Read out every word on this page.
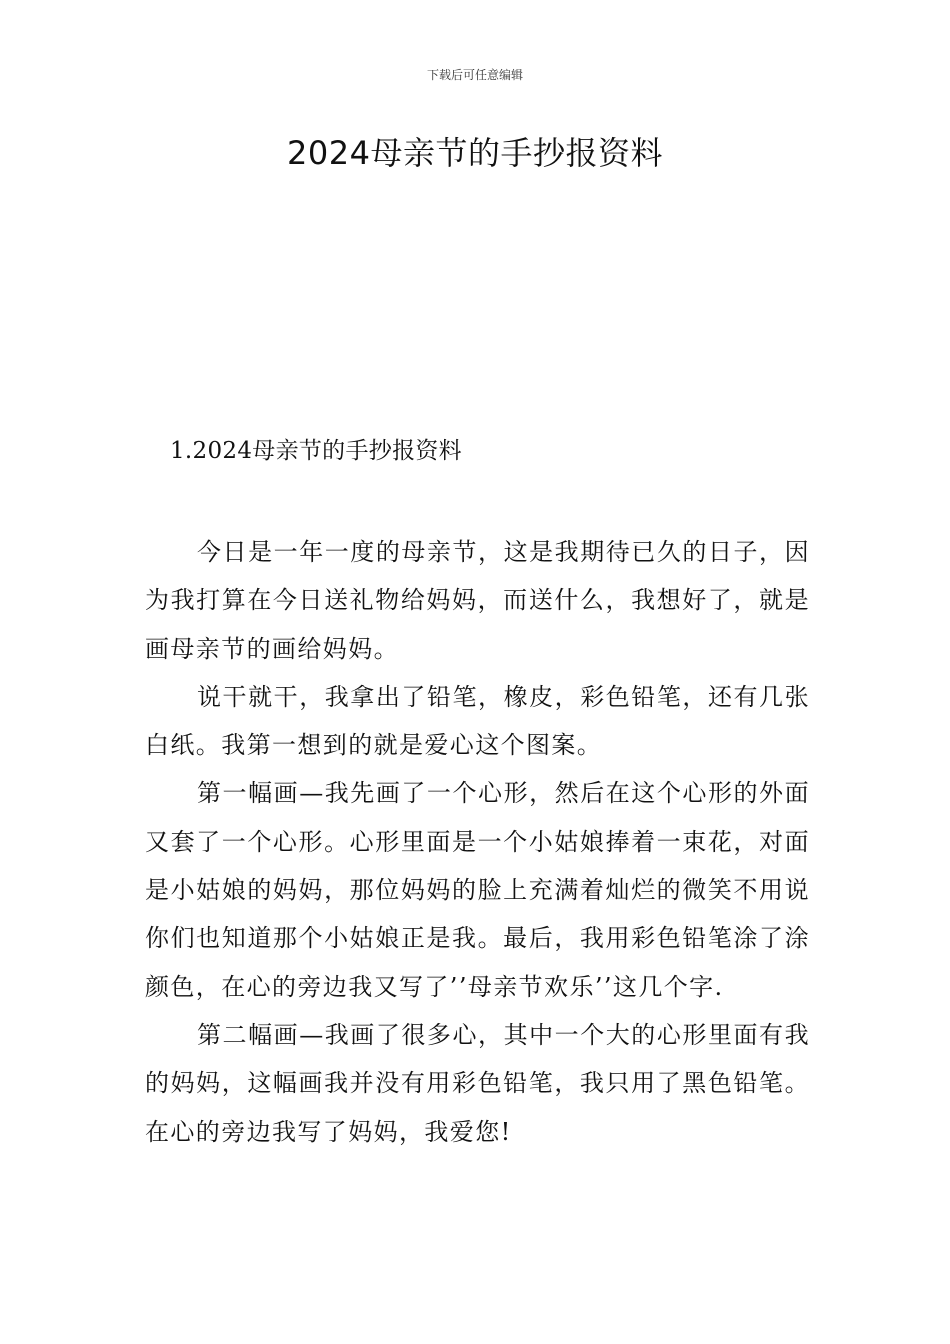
下载后可任意编辑
2024母亲节的手抄报资料
1.2024母亲节的手抄报资料

今日是一年一度的母亲节，这是我期待已久的日子，因为我打算在今日送礼物给妈妈，而送什么，我想好了，就是画母亲节的画给妈妈。

说干就干，我拿出了铅笔，橡皮，彩色铅笔，还有几张白纸。我第一想到的就是爱心这个图案。

第一幅画—我先画了一个心形，然后在这个心形的外面又套了一个心形。心形里面是一个小姑娘捧着一束花，对面是小姑娘的妈妈，那位妈妈的脸上充满着灿烂的微笑不用说你们也知道那个小姑娘正是我。最后，我用彩色铅笔涂了涂颜色，在心的旁边我又写了’’母亲节欢乐’’这几个字.

第二幅画—我画了很多心，其中一个大的心形里面有我的妈妈，这幅画我并没有用彩色铅笔，我只用了黑色铅笔。在心的旁边我写了妈妈，我爱您!
